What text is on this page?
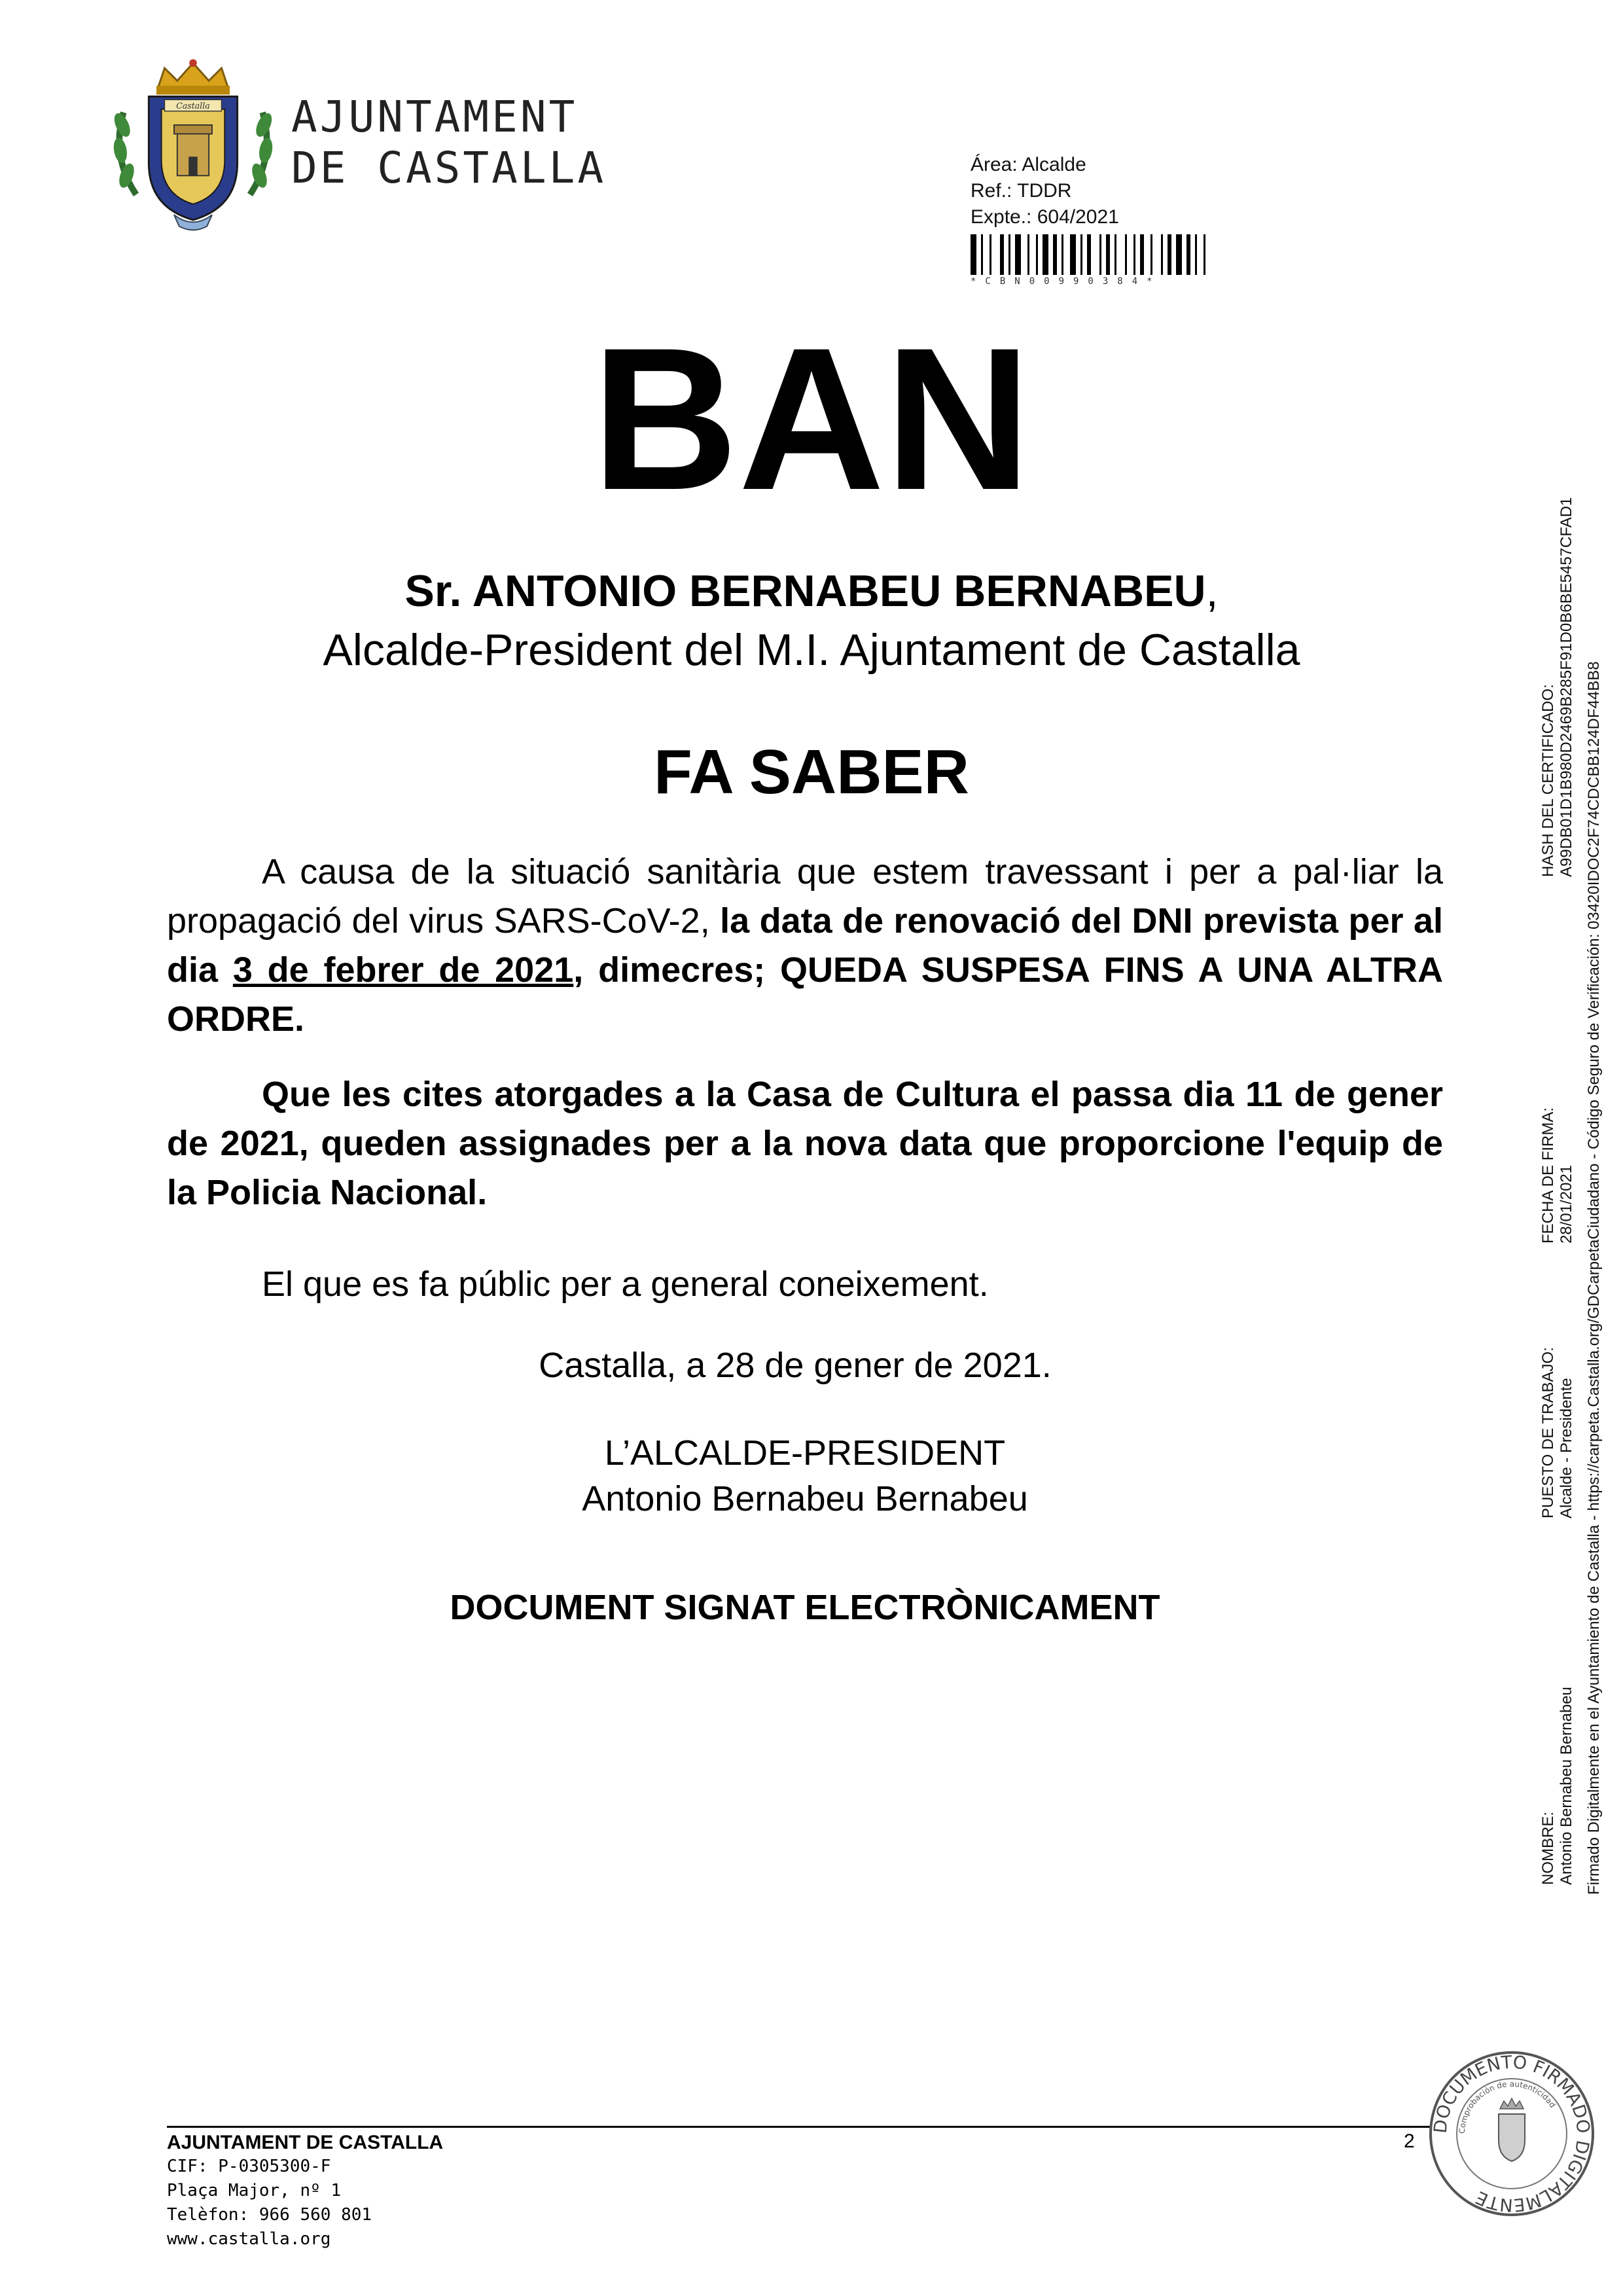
Castalla AJUNTAMENT
DE CASTALLA	Área: Alcalde
Ref.: TDDR
Expte.: 604/2021
*CBN00990384*
BAN
Sr. ANTONIO BERNABEU BERNABEU,
Alcalde-President del M.I. Ajuntament de Castalla
FA SABER
A causa de la situació sanitària que estem travessant i per a pal·liar la propagació del virus SARS-CoV-2, la data de renovació del DNI prevista per al dia 3 de febrer de 2021, dimecres; QUEDA SUSPESA FINS A UNA ALTRA ORDRE.
Que les cites atorgades a la Casa de Cultura el passa dia 11 de gener de 2021, queden assignades per a la nova data que proporcione l'equip de la Policia Nacional.
El que es fa públic per a general coneixement.
Castalla, a 28 de gener de 2021.
L’ALCALDE-PRESIDENT
Antonio Bernabeu Bernabeu
DOCUMENT SIGNAT ELECTRÒNICAMENT
HASH DEL CERTIFICADO: A99DB01D1B980D2469B285F91D0B6BE5457CFAD1
FECHA DE FIRMA: 28/01/2021
PUESTO DE TRABAJO: Alcalde - Presidente
NOMBRE: Antonio Bernabeu Bernabeu Firmado Digitalmente en el Ayuntamiento de Castalla - https://carpeta.Castalla.org/GDCarpetaCiudadano - Código Seguro de Verificación: 03420IDOC2F74CDCBB124DF44BB8
AJUNTAMENT DE CASTALLA
CIF: P-0305300-F
Plaça Major, nº 1
Telèfon: 966 560 801
www.castalla.org
2
DOCUMENTO FIRMADO DIGITALMENTE
Comprobación de autenticidad
